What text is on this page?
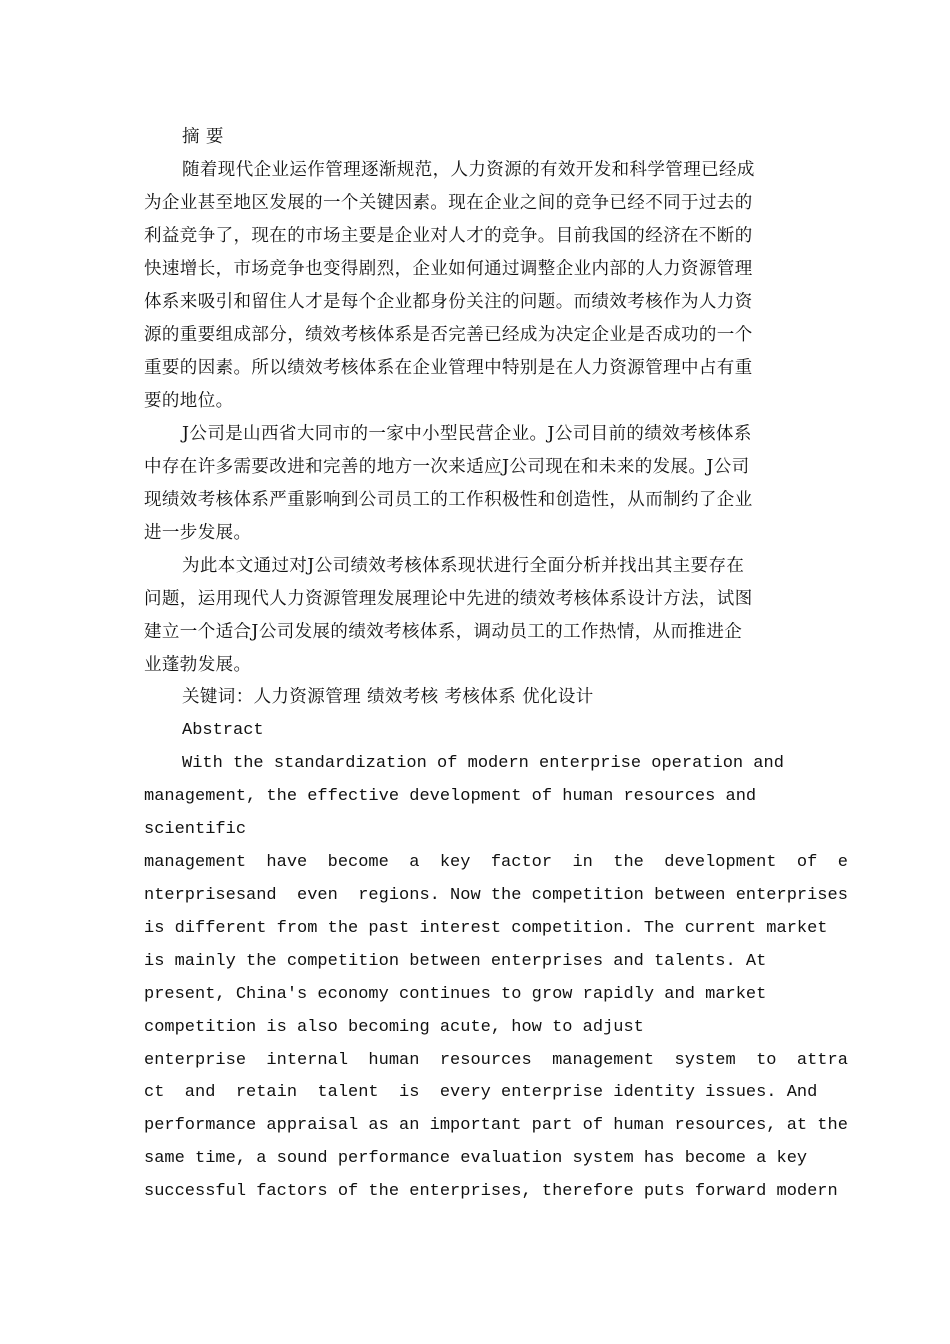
摘 要
随着现代企业运作管理逐渐规范，人力资源的有效开发和科学管理已经成
为企业甚至地区发展的一个关键因素。现在企业之间的竞争已经不同于过去的
利益竞争了，现在的市场主要是企业对人才的竞争。目前我国的经济在不断的
快速增长，市场竞争也变得剧烈，企业如何通过调整企业内部的人力资源管理
体系来吸引和留住人才是每个企业都身份关注的问题。而绩效考核作为人力资
源的重要组成部分，绩效考核体系是否完善已经成为决定企业是否成功的一个
重要的因素。所以绩效考核体系在企业管理中特别是在人力资源管理中占有重
要的地位。
J公司是山西省大同市的一家中小型民营企业。J公司目前的绩效考核体系
中存在许多需要改进和完善的地方一次来适应J公司现在和未来的发展。J公司
现绩效考核体系严重影响到公司员工的工作积极性和创造性，从而制约了企业
进一步发展。
为此本文通过对J公司绩效考核体系现状进行全面分析并找出其主要存在
问题，运用现代人力资源管理发展理论中先进的绩效考核体系设计方法，试图
建立一个适合J公司发展的绩效考核体系，调动员工的工作热情，从而推进企
业蓬勃发展。
关键词：人力资源管理 绩效考核 考核体系 优化设计
Abstract
With the standardization of modern enterprise operation and
management, the effective development of human resources and
scientific
management  have  become  a  key  factor  in  the  development  of  e
nterprisesand  even  regions. Now the competition between enterprises
is different from the past interest competition. The current market
is mainly the competition between enterprises and talents. At
present, China's economy continues to grow rapidly and market
competition is also becoming acute, how to adjust
enterprise  internal  human  resources  management  system  to  attra
ct  and  retain  talent  is  every enterprise identity issues. And
performance appraisal as an important part of human resources, at the
same time, a sound performance evaluation system has become a key
successful factors of the enterprises, therefore puts forward modern
